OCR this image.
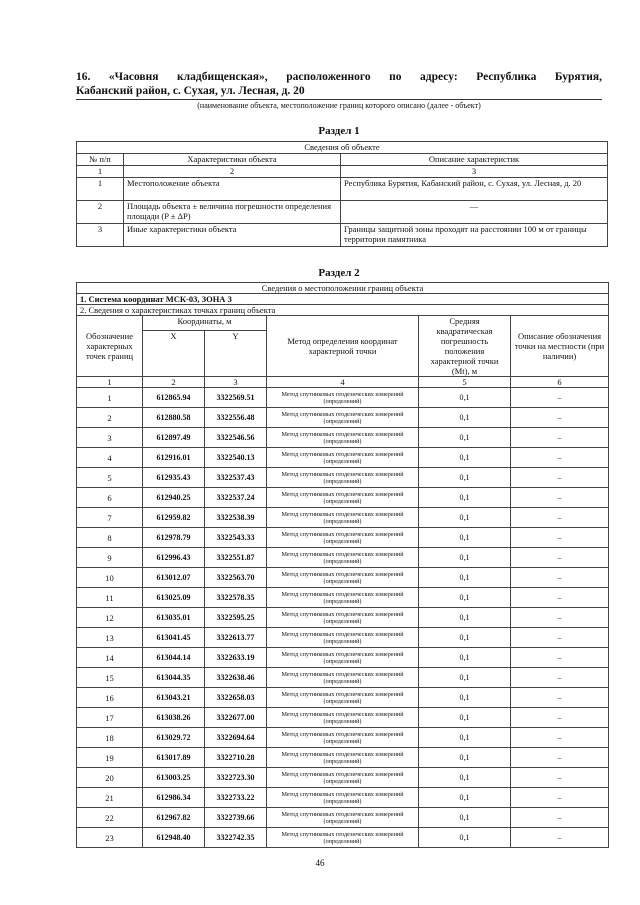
16. «Часовня кладбищенская», расположенного по адресу: Республика Бурятия,
Кабанский район, с. Сухая, ул. Лесная, д. 20
(наименование объекта, местоположение границ которого описано (далее - объект)
Раздел 1
Сведения об объекте		
№ п/п	Характеристики объекта	Описание характеристик
1	2	3
1	Местоположение объекта	Республика Бурятия, Кабанский район, с. Сухая, ул. Лесная, д. 20
2	Площадь объекта ± величина погрешности определения площади (P ± ΔP)	—
3	Иные характеристики объекта	Границы защитной зоны проходят на расстоянии 100 м от границы территории памятника
Раздел 2
Сведения о местоположении границ объекта					
1. Система координат МСК-03, ЗОНА 3					
2. Сведения о характеристиках точках границ объекта					
Обозначение характерных точек границ	Координаты, м		Метод определения координат характерной точки	Средняя квадратическая погрешность положения характерной точки (Mt), м	Описание обозначения точки на местности (при наличии)
	X	Y			
1	2	3	4	5	6
1	612865.94	3322569.51	Метод спутниковых геодезических измерений (определений)	0,1	–
2	612880.58	3322556.48	Метод спутниковых геодезических измерений (определений)	0,1	–
3	612897.49	3322546.56	Метод спутниковых геодезических измерений (определений)	0,1	–
4	612916.01	3322540.13	Метод спутниковых геодезических измерений (определений)	0,1	–
5	612935.43	3322537.43	Метод спутниковых геодезических измерений (определений)	0,1	–
6	612940.25	3322537.24	Метод спутниковых геодезических измерений (определений)	0,1	–
7	612959.82	3322538.39	Метод спутниковых геодезических измерений (определений)	0,1	–
8	612978.79	3322543.33	Метод спутниковых геодезических измерений (определений)	0,1	–
9	612996.43	3322551.87	Метод спутниковых геодезических измерений (определений)	0,1	–
10	613012.07	3322563.70	Метод спутниковых геодезических измерений (определений)	0,1	–
11	613025.09	3322578.35	Метод спутниковых геодезических измерений (определений)	0,1	–
12	613035.01	3322595.25	Метод спутниковых геодезических измерений (определений)	0,1	–
13	613041.45	3322613.77	Метод спутниковых геодезических измерений (определений)	0,1	–
14	613044.14	3322633.19	Метод спутниковых геодезических измерений (определений)	0,1	–
15	613044.35	3322638.46	Метод спутниковых геодезических измерений (определений)	0,1	–
16	613043.21	3322658.03	Метод спутниковых геодезических измерений (определений)	0,1	–
17	613038.26	3322677.00	Метод спутниковых геодезических измерений (определений)	0,1	–
18	613029.72	3322694.64	Метод спутниковых геодезических измерений (определений)	0,1	–
19	613017.89	3322710.28	Метод спутниковых геодезических измерений (определений)	0,1	–
20	613003.25	3322723.30	Метод спутниковых геодезических измерений (определений)	0,1	–
21	612986.34	3322733.22	Метод спутниковых геодезических измерений (определений)	0,1	–
22	612967.82	3322739.66	Метод спутниковых геодезических измерений (определений)	0,1	–
23	612948.40	3322742.35	Метод спутниковых геодезических измерений (определений)	0,1	–
46
